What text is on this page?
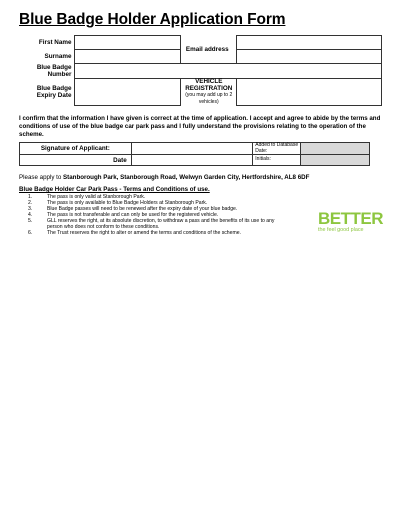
Blue Badge Holder Application Form
First Name		Email address	
Surname			
Blue Badge Number			
Blue Badge Expiry Date		VEHICLE
REGISTRATION
(you may add up to 2 vehicles)	

I confirm that the information I have given is correct at the time of application. I accept and agree to abide by the terms and conditions of use of the blue badge car park pass and I fully understand the provisions relating to the operation of the scheme.
Signature of Applicant:		Added to Database Date:	
Date		Initials:	
Please apply to Stanborough Park, Stanborough Road, Welwyn Garden City, Hertfordshire, AL8 6DF
Blue Badge Holder Car Park Pass - Terms and Conditions of use.
1.	The pass is only valid at Stanborough Park.
2.	The pass is only available to Blue Badge Holders at Stanborough Park.
3.	Blue Badge passes will need to be renewed after the expiry date of your blue badge.
4.	The pass is not transferable and can only be used for the registered vehicle.
5.	GLL reserves the right, at its absolute discretion, to withdraw a pass and the benefits of its use to any person who does not conform to these conditions.
6.	The Trust reserves the right to alter or amend the terms and conditions of the scheme.
BETTER
the feel good place
